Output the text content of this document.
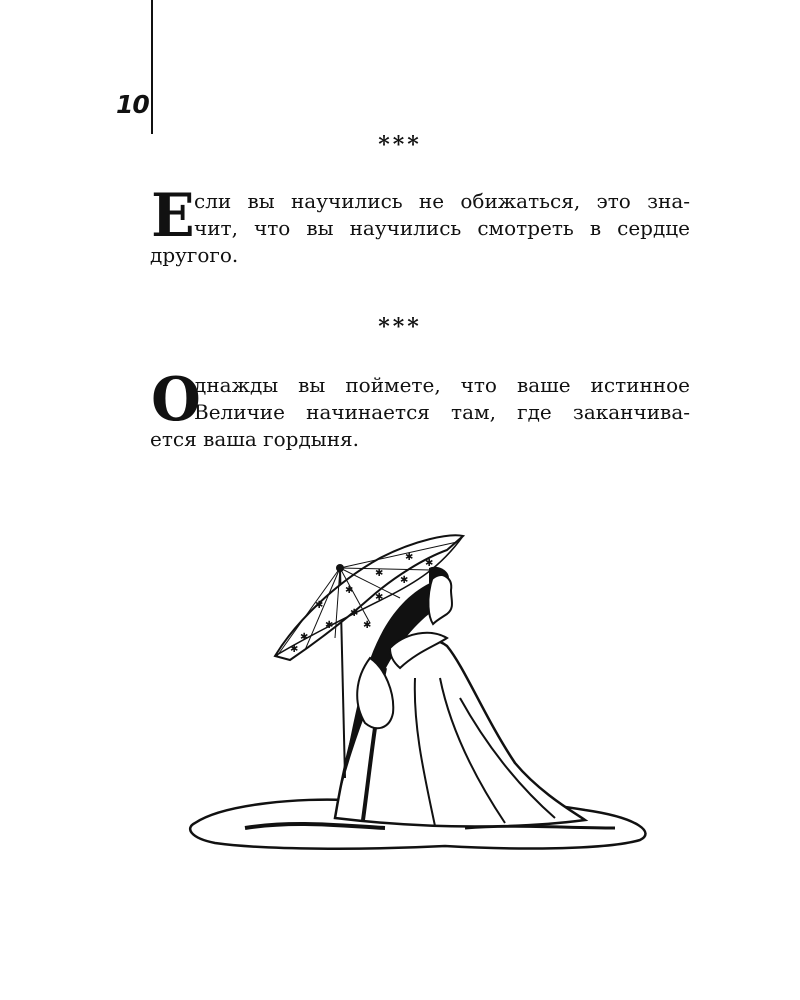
10
***
Е сли вы научились не обижаться, это зна-
чит, что вы научились смотреть в сердце
другого.

***
О

днажды вы поймете, что ваше истинное
Величие начинается там, где заканчива-
ется ваша гордыня.

✱
✱
✱
✱
✱
✱
✱
✱
✱
✱
✱
✱
